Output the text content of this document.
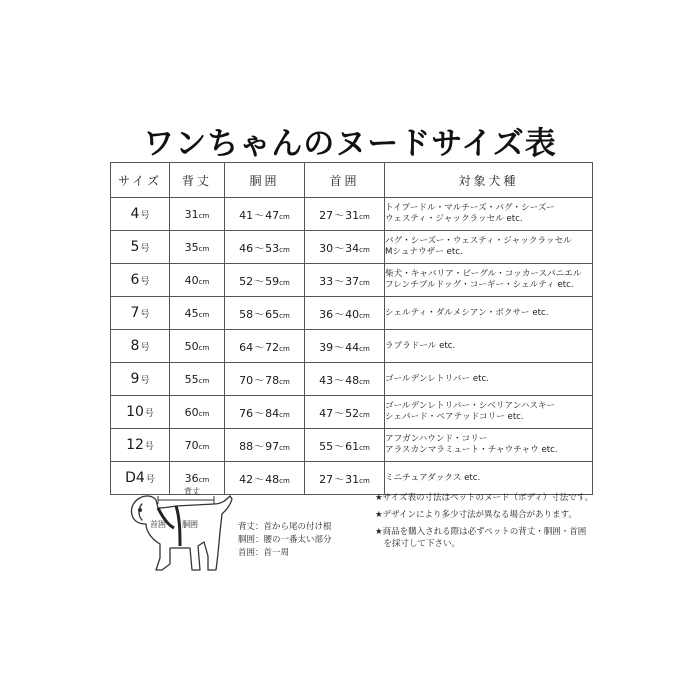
ワンちゃんのヌードサイズ表
サイズ	背丈	胴囲	首囲	対象犬種
4号	31cm	41〜47cm	27〜31cm	トイプードル・マルチーズ・パグ・シーズー
ウェスティ・ジャックラッセル etc.

5号	35cm	46〜53cm	30〜34cm	パグ・シーズー・ウェスティ・ジャックラッセル
Mシュナウザー etc.

6号	40cm	52〜59cm	33〜37cm	柴犬・キャバリア・ビーグル・コッカースパニエル
フレンチブルドッグ・コーギー・シェルティ etc.

7号	45cm	58〜65cm	36〜40cm	シェルティ・ダルメシアン・ボクサー etc.

8号	50cm	64〜72cm	39〜44cm	ラブラドール etc.

9号	55cm	70〜78cm	43〜48cm	ゴールデンレトリバー etc.

10号	60cm	76〜84cm	47〜52cm	ゴールデンレトリバー・シベリアンハスキー
シェパード・ベアテッドコリー etc.

12号	70cm	88〜97cm	55〜61cm	アフガンハウンド・コリー
アラスカンマラミュート・チャウチャウ etc.

D4号	36cm	42〜48cm	27〜31cm	ミニチュアダックス etc.
背丈
首囲 胴囲	背丈：首から尾の付け根
胴囲：腰の一番太い部分
首囲：首一周
★サイズ表の寸法はペットのヌード（ボディ）寸法です。
★デザインにより多少寸法が異なる場合があります。
★商品を購入される際は必ずペットの背丈・胴囲・首囲
　を採寸して下さい。
